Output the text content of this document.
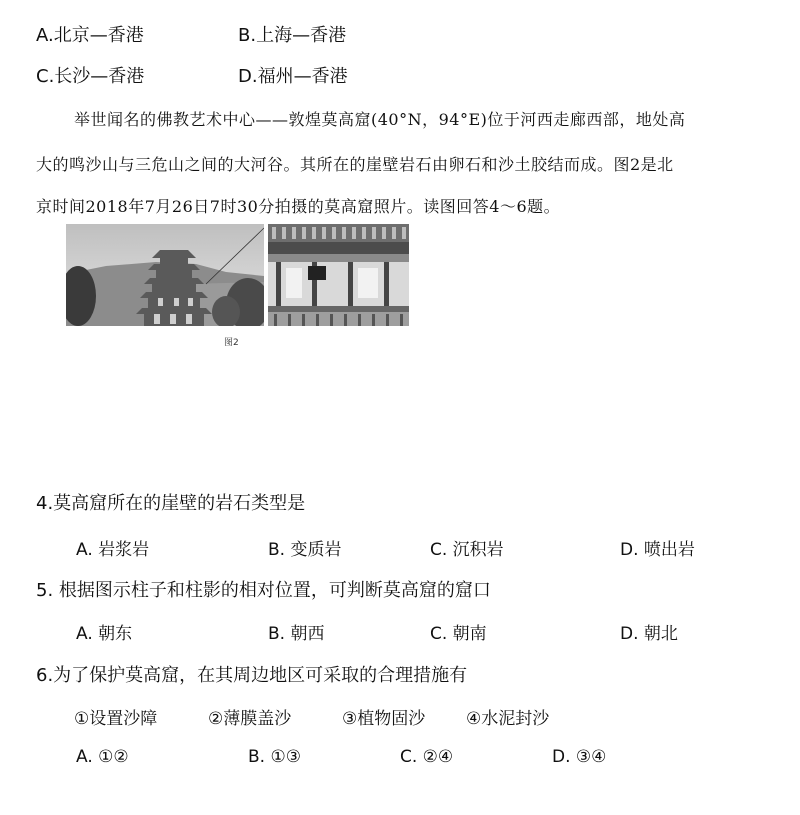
A.北京—香港	B.上海—香港
C.长沙—香港	D.福州—香港
举世闻名的佛教艺术中心——敦煌莫高窟(40°N，94°E)位于河西走廊西部，地处高
大的鸣沙山与三危山之间的大河谷。其所在的崖壁岩石由卵石和沙土胶结而成。图2是北
京时间2018年7月26日7时30分拍摄的莫高窟照片。读图回答4～6题。
图2
4.莫高窟所在的崖壁的岩石类型是
A. 岩浆岩	B. 变质岩	C. 沉积岩	D. 喷出岩
5. 根据图示柱子和柱影的相对位置，可判断莫高窟的窟口
A. 朝东	B. 朝西	C. 朝南	D. 朝北
6.为了保护莫高窟，在其周边地区可采取的合理措施有
①设置沙障	②薄膜盖沙	③植物固沙 ④水泥封沙
A. ①②	B. ①③	C. ②④	D. ③④
